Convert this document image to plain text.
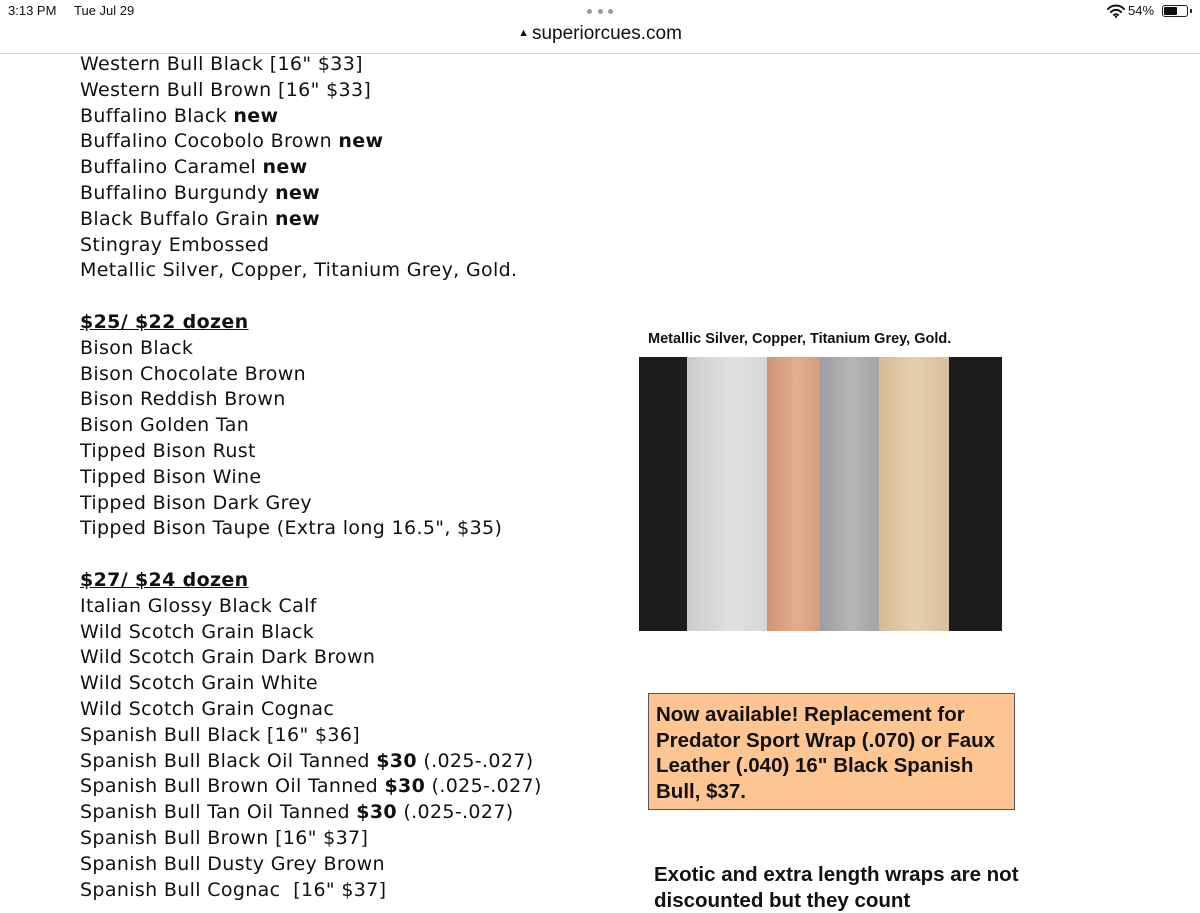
3:13 PM Tue Jul 29	54%
▲ superiorcues.com
Western Bull Black [16" $33]
Western Bull Brown [16" $33]
Buffalino Black new
Buffalino Cocobolo Brown new
Buffalino Caramel new
Buffalino Burgundy new
Black Buffalo Grain new
Stingray Embossed
Metallic Silver, Copper, Titanium Grey, Gold.
$25/ $22 dozen
Bison Black
Bison Chocolate Brown
Bison Reddish Brown
Bison Golden Tan
Tipped Bison Rust
Tipped Bison Wine
Tipped Bison Dark Grey
Tipped Bison Taupe (Extra long 16.5", $35)
$27/ $24 dozen
Italian Glossy Black Calf
Wild Scotch Grain Black
Wild Scotch Grain Dark Brown
Wild Scotch Grain White
Wild Scotch Grain Cognac
Spanish Bull Black [16" $36]
Spanish Bull Black Oil Tanned $30 (.025-.027)
Spanish Bull Brown Oil Tanned $30 (.025-.027)
Spanish Bull Tan Oil Tanned $30 (.025-.027)
Spanish Bull Brown [16" $37]
Spanish Bull Dusty Grey Brown
Spanish Bull Cognac  [16" $37]
Metallic Silver, Copper, Titanium Grey, Gold.
Now available! Replacement for Predator Sport Wrap (.070) or Faux Leather (.040) 16" Black Spanish Bull, $37.
Exotic and extra length wraps are not discounted but they count
